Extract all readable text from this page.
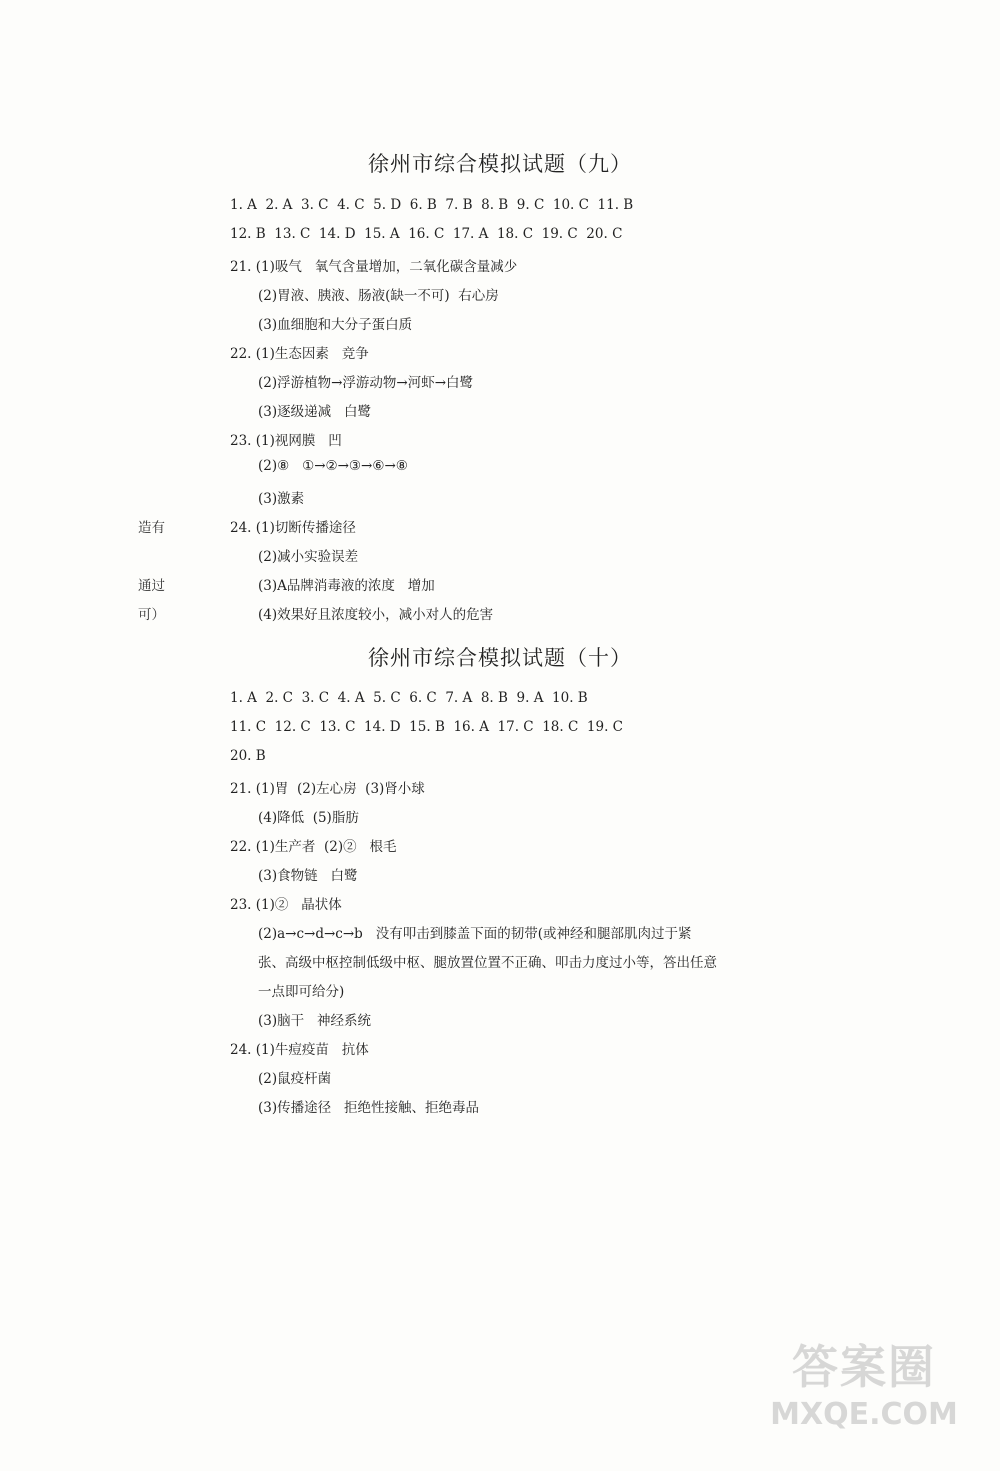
徐州市综合模拟试题（九）
1. A  2. A  3. C  4. C  5. D  6. B  7. B  8. B  9. C  10. C  11. B
12. B  13. C  14. D  15. A  16. C  17. A  18. C  19. C  20. C
21. (1)吸气   氧气含量增加，二氧化碳含量减少
(2)胃液、胰液、肠液(缺一不可)  右心房
(3)血细胞和大分子蛋白质
22. (1)生态因素   竞争
(2)浮游植物→浮游动物→河虾→白鹭
(3)逐级递减   白鹭
23. (1)视网膜   凹
(2)⑧   ①→②→③→⑥→⑧
(3)激素
24. (1)切断传播途径
(2)减小实验误差
(3)A品牌消毒液的浓度   增加
(4)效果好且浓度较小，减小对人的危害
造有
通过
可）
徐州市综合模拟试题（十）
1. A  2. C  3. C  4. A  5. C  6. C  7. A  8. B  9. A  10. B
11. C  12. C  13. C  14. D  15. B  16. A  17. C  18. C  19. C
20. B
21. (1)胃  (2)左心房  (3)肾小球
(4)降低  (5)脂肪
22. (1)生产者  (2)②   根毛
(3)食物链   白鹭
23. (1)②   晶状体
(2)a→c→d→c→b   没有叩击到膝盖下面的韧带(或神经和腿部肌肉过于紧
张、高级中枢控制低级中枢、腿放置位置不正确、叩击力度过小等，答出任意
一点即可给分)
(3)脑干   神经系统
24. (1)牛痘疫苗   抗体
(2)鼠疫杆菌
(3)传播途径   拒绝性接触、拒绝毒品
答案圈
MXQE.COM
